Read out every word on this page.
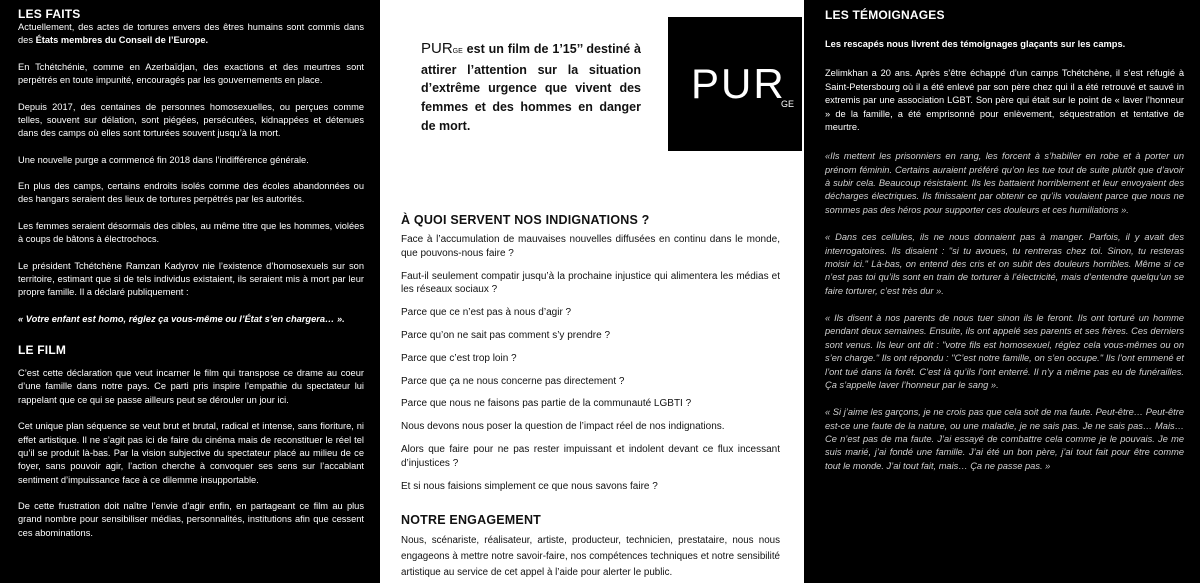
LES FAITS

Actuellement, des actes de tortures envers des êtres humains sont commis dans des États membres du Conseil de l’Europe.

En Tchétchénie, comme en Azerbaïdjan, des exactions et des meurtres sont perpétrés en toute impunité, encouragés par les gouvernements en place.

Depuis 2017, des centaines de personnes homosexuelles, ou perçues comme telles, souvent sur délation, sont piégées, persécutées, kidnappées et détenues dans des camps où elles sont torturées souvent jusqu’à la mort.

Une nouvelle purge a commencé fin 2018 dans l’indifférence générale.

En plus des camps, certains endroits isolés comme des écoles abandonnées ou des hangars seraient des lieux de tortures perpétrés par les autorités.

Les femmes seraient désormais des cibles, au même titre que les hommes, violées à coups de bâtons à électrochocs.

Le président Tchétchène Ramzan Kadyrov nie l’existence d’homosexuels sur son territoire, estimant que si de tels individus existaient, ils seraient mis à mort par leur propre famille. Il a déclaré publiquement :

« Votre enfant est homo, réglez ça vous-même ou l’État s’en chargera… ».

LE FILM

C’est cette déclaration que veut incarner le film qui transpose ce drame au coeur d’une famille dans notre pays. Ce parti pris inspire l’empathie du spectateur lui rappelant que ce qui se passe ailleurs peut se dérouler un jour ici.

Cet unique plan séquence se veut brut et brutal, radical et intense, sans fioriture, ni effet artistique. Il ne s’agit pas ici de faire du cinéma mais de reconstituer le réel tel qu’il se produit là-bas. Par la vision subjective du spectateur placé au milieu de ce foyer, sans pouvoir agir, l’action cherche à convoquer ses sens sur l’accablant sentiment d’impuissance face à ce dilemme insupportable.

De cette frustration doit naître l’envie d’agir enfin, en partageant ce film au plus grand nombre pour sensibiliser médias, personnalités, institutions afin que cessent ces abominations.

PURGE est un film de 1’15’’ destiné à attirer l’attention sur la situation d’extrême urgence que vivent des femmes et des hommes en danger de mort.

PUR
GE
À QUOI SERVENT NOS INDIGNATIONS ?

Face à l’accumulation de mauvaises nouvelles diffusées en continu dans le monde, que pouvons-nous faire ?

Faut-il seulement compatir jusqu’à la prochaine injustice qui alimentera les médias et les réseaux sociaux ?

Parce que ce n’est pas à nous d’agir ?

Parce qu’on ne sait pas comment s’y prendre ?

Parce que c’est trop loin ?

Parce que ça ne nous concerne pas directement ?

Parce que nous ne faisons pas partie de la communauté LGBTI ?

Nous devons nous poser la question de l’impact réel de nos indignations.

Alors que faire pour ne pas rester impuissant et indolent devant ce flux incessant d’injustices ?

Et si nous faisions simplement ce que nous savons faire ?

NOTRE ENGAGEMENT

Nous, scénariste, réalisateur, artiste, producteur, technicien, prestataire, nous nous engageons à mettre notre savoir-faire, nos compétences techniques et notre sensibilité artistique au service de cet appel à l’aide pour alerter le public.

LES TÉMOIGNAGES

Les rescapés nous livrent des témoignages glaçants sur les camps.

Zelimkhan a 20 ans. Après s’être échappé d’un camps Tchétchène, il s’est réfugié à Saint-Petersbourg où il a été enlevé par son père chez qui il a été retrouvé et sauvé in extremis par une association LGBT. Son père qui était sur le point de « laver l’honneur » de la famille, a été emprisonné pour enlèvement, séquestration et tentative de meurtre.

«Ils mettent les prisonniers en rang, les forcent à s’habiller en robe et à porter un prénom féminin. Certains auraient préféré qu’on les tue tout de suite plutôt que d’avoir à subir cela. Beaucoup résistaient. Ils les battaient horriblement et leur envoyaient des décharges électriques. Ils finissaient par obtenir ce qu’ils voulaient parce que nous ne sommes pas des héros pour supporter ces douleurs et ces humiliations ».

« Dans ces cellules, ils ne nous donnaient pas à manger. Parfois, il y avait des interrogatoires. Ils disaient : "si tu avoues, tu rentreras chez toi. Sinon, tu resteras moisir ici." Là-bas, on entend des cris et on subit des douleurs horribles. Même si ce n’est pas toi qu’ils sont en train de torturer à l’électricité, mais d’entendre quelqu’un se faire torturer, c’est très dur ».

« Ils disent à nos parents de nous tuer sinon ils le feront. Ils ont torturé un homme pendant deux semaines. Ensuite, ils ont appelé ses parents et ses frères. Ces derniers sont venus. Ils leur ont dit : "votre fils est homosexuel, réglez cela vous-mêmes ou on s’en charge." Ils ont répondu : "C’est notre famille, on s’en occupe." Ils l’ont emmené et l’ont tué dans la forêt. C’est là qu’ils l’ont enterré. Il n’y a même pas eu de funérailles. Ça s’appelle laver l’honneur par le sang ».

« Si j’aime les garçons, je ne crois pas que cela soit de ma faute. Peut-être… Peut-être est-ce une faute de la nature, ou une maladie, je ne sais pas. Je ne sais pas… Mais… Ce n’est pas de ma faute. J’ai essayé de combattre cela comme je le pouvais. Je me suis marié, j’ai fondé une famille. J’ai été un bon père, j’ai tout fait pour être comme tout le monde. J’ai tout fait, mais… Ça ne passe pas. »
